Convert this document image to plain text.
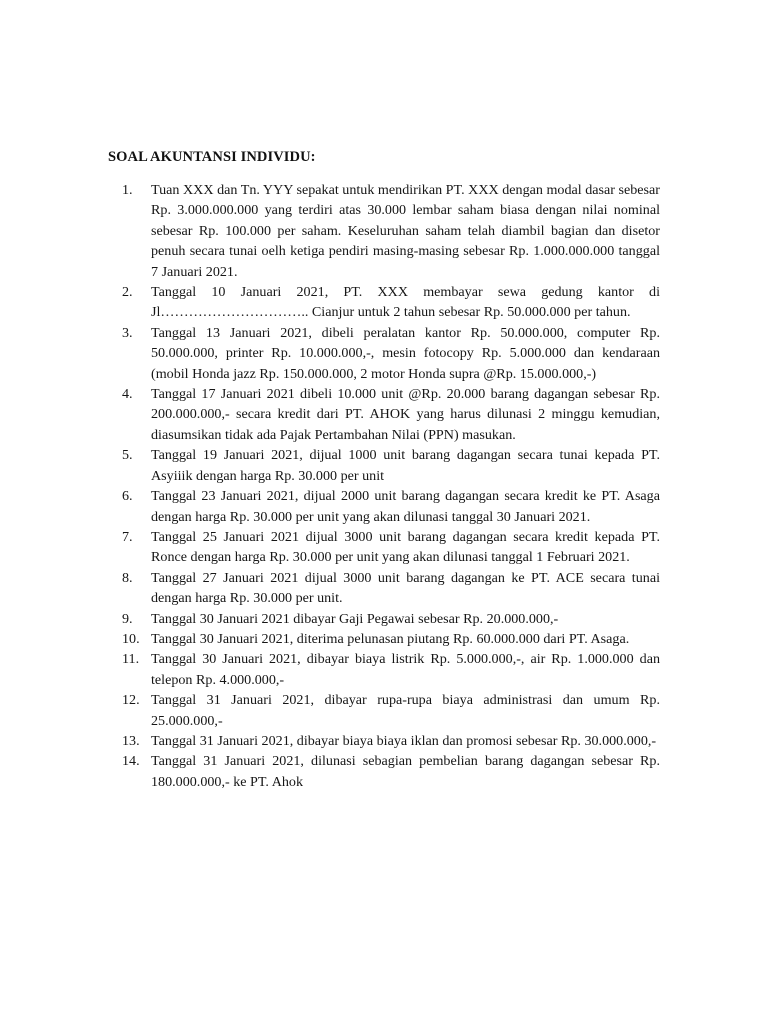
SOAL AKUNTANSI INDIVIDU:
1.	Tuan XXX dan Tn. YYY sepakat untuk mendirikan PT. XXX dengan modal dasar sebesar Rp. 3.000.000.000 yang terdiri atas 30.000 lembar saham biasa dengan nilai nominal sebesar Rp. 100.000 per saham. Keseluruhan saham telah diambil bagian dan disetor penuh secara tunai oelh ketiga pendiri masing-masing sebesar Rp. 1.000.000.000 tanggal 7 Januari 2021.
2.	Tanggal 10 Januari 2021, PT. XXX membayar sewa gedung kantor di Jl………………………….. Cianjur untuk 2 tahun sebesar Rp. 50.000.000 per tahun.
3.	Tanggal 13 Januari 2021, dibeli peralatan kantor Rp. 50.000.000, computer Rp. 50.000.000, printer Rp. 10.000.000,-, mesin fotocopy Rp. 5.000.000 dan kendaraan (mobil Honda jazz Rp. 150.000.000, 2 motor Honda supra @Rp. 15.000.000,-)
4.	Tanggal 17 Januari 2021 dibeli 10.000 unit @Rp. 20.000 barang dagangan sebesar Rp. 200.000.000,- secara kredit dari PT. AHOK yang harus dilunasi 2 minggu kemudian, diasumsikan tidak ada Pajak Pertambahan Nilai (PPN) masukan.
5.	Tanggal 19 Januari 2021, dijual 1000 unit barang dagangan secara tunai kepada PT. Asyiiik dengan harga Rp. 30.000 per unit
6.	Tanggal 23 Januari 2021, dijual 2000 unit barang dagangan secara kredit ke PT. Asaga dengan harga Rp. 30.000 per unit yang akan dilunasi tanggal 30 Januari 2021.
7.	Tanggal 25 Januari 2021 dijual 3000 unit barang dagangan secara kredit kepada PT. Ronce dengan harga Rp. 30.000 per unit yang akan dilunasi tanggal 1 Februari 2021.
8.	Tanggal 27 Januari 2021 dijual 3000 unit barang dagangan ke PT. ACE secara tunai dengan harga Rp. 30.000 per unit.
9.	Tanggal 30 Januari 2021 dibayar Gaji Pegawai sebesar Rp. 20.000.000,-
10. Tanggal 30 Januari 2021, diterima pelunasan piutang Rp. 60.000.000 dari PT. Asaga.
11. Tanggal 30 Januari 2021, dibayar biaya listrik Rp. 5.000.000,-, air Rp. 1.000.000 dan telepon Rp. 4.000.000,-
12. Tanggal 31 Januari 2021, dibayar rupa-rupa biaya administrasi dan umum Rp. 25.000.000,-
13. Tanggal 31 Januari 2021, dibayar biaya biaya iklan dan promosi sebesar Rp. 30.000.000,-
14. Tanggal 31 Januari 2021, dilunasi sebagian pembelian barang dagangan sebesar Rp. 180.000.000,- ke PT. Ahok
